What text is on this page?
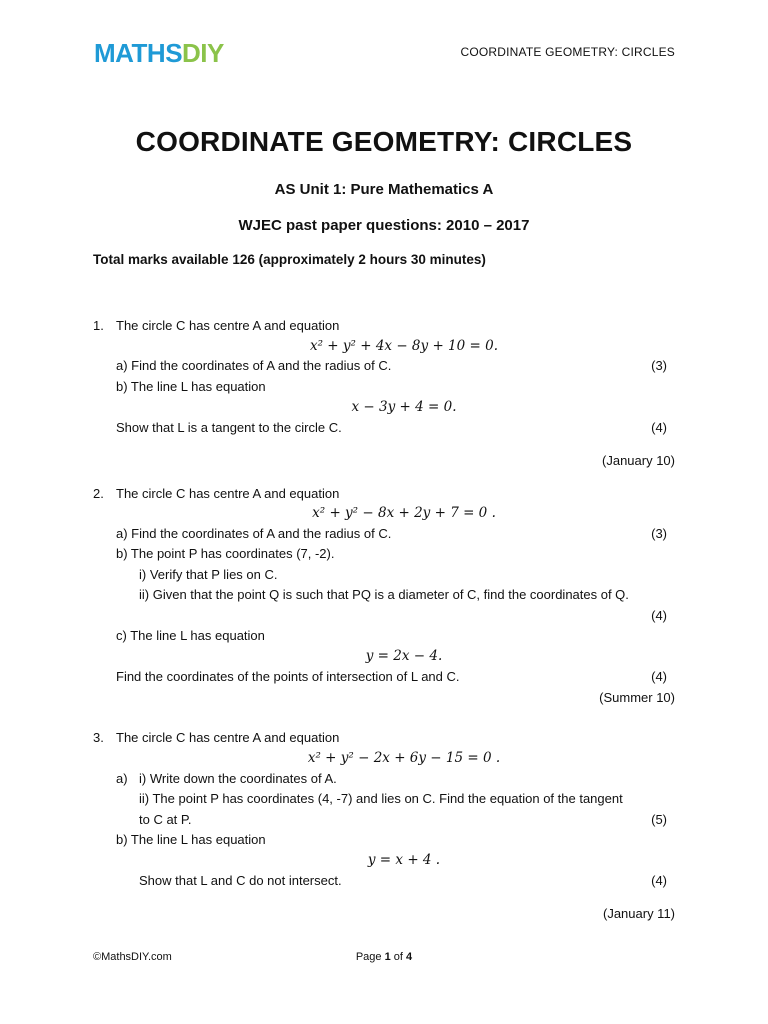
MATHSDIY	COORDINATE GEOMETRY: CIRCLES
COORDINATE GEOMETRY: CIRCLES
AS Unit 1: Pure Mathematics A
WJEC past paper questions: 2010 – 2017
Total marks available 126 (approximately 2 hours 30 minutes)
1. The circle C has centre A and equation
x² + y² + 4x − 8y + 10 = 0.
a) Find the coordinates of A and the radius of C.	(3)
b) The line L has equation
x − 3y + 4 = 0.
Show that L is a tangent to the circle C.	(4)
(January 10)
2. The circle C has centre A and equation
x² + y² − 8x + 2y + 7 = 0 .
a) Find the coordinates of A and the radius of C.	(3)
b) The point P has coordinates (7, -2).
i) Verify that P lies on C.
ii) Given that the point Q is such that PQ is a diameter of C, find the coordinates of Q.
(4)
c) The line L has equation
y = 2x − 4.
Find the coordinates of the points of intersection of L and C.	(4)
(Summer 10)
3. The circle C has centre A and equation
x² + y² − 2x + 6y − 15 = 0 .
a) i) Write down the coordinates of A.
ii) The point P has coordinates (4, -7) and lies on C. Find the equation of the tangent
to C at P.	(5)
b) The line L has equation
y = x + 4 .
Show that L and C do not intersect.	(4)
(January 11)
©MathsDIY.com	Page 1 of 4
